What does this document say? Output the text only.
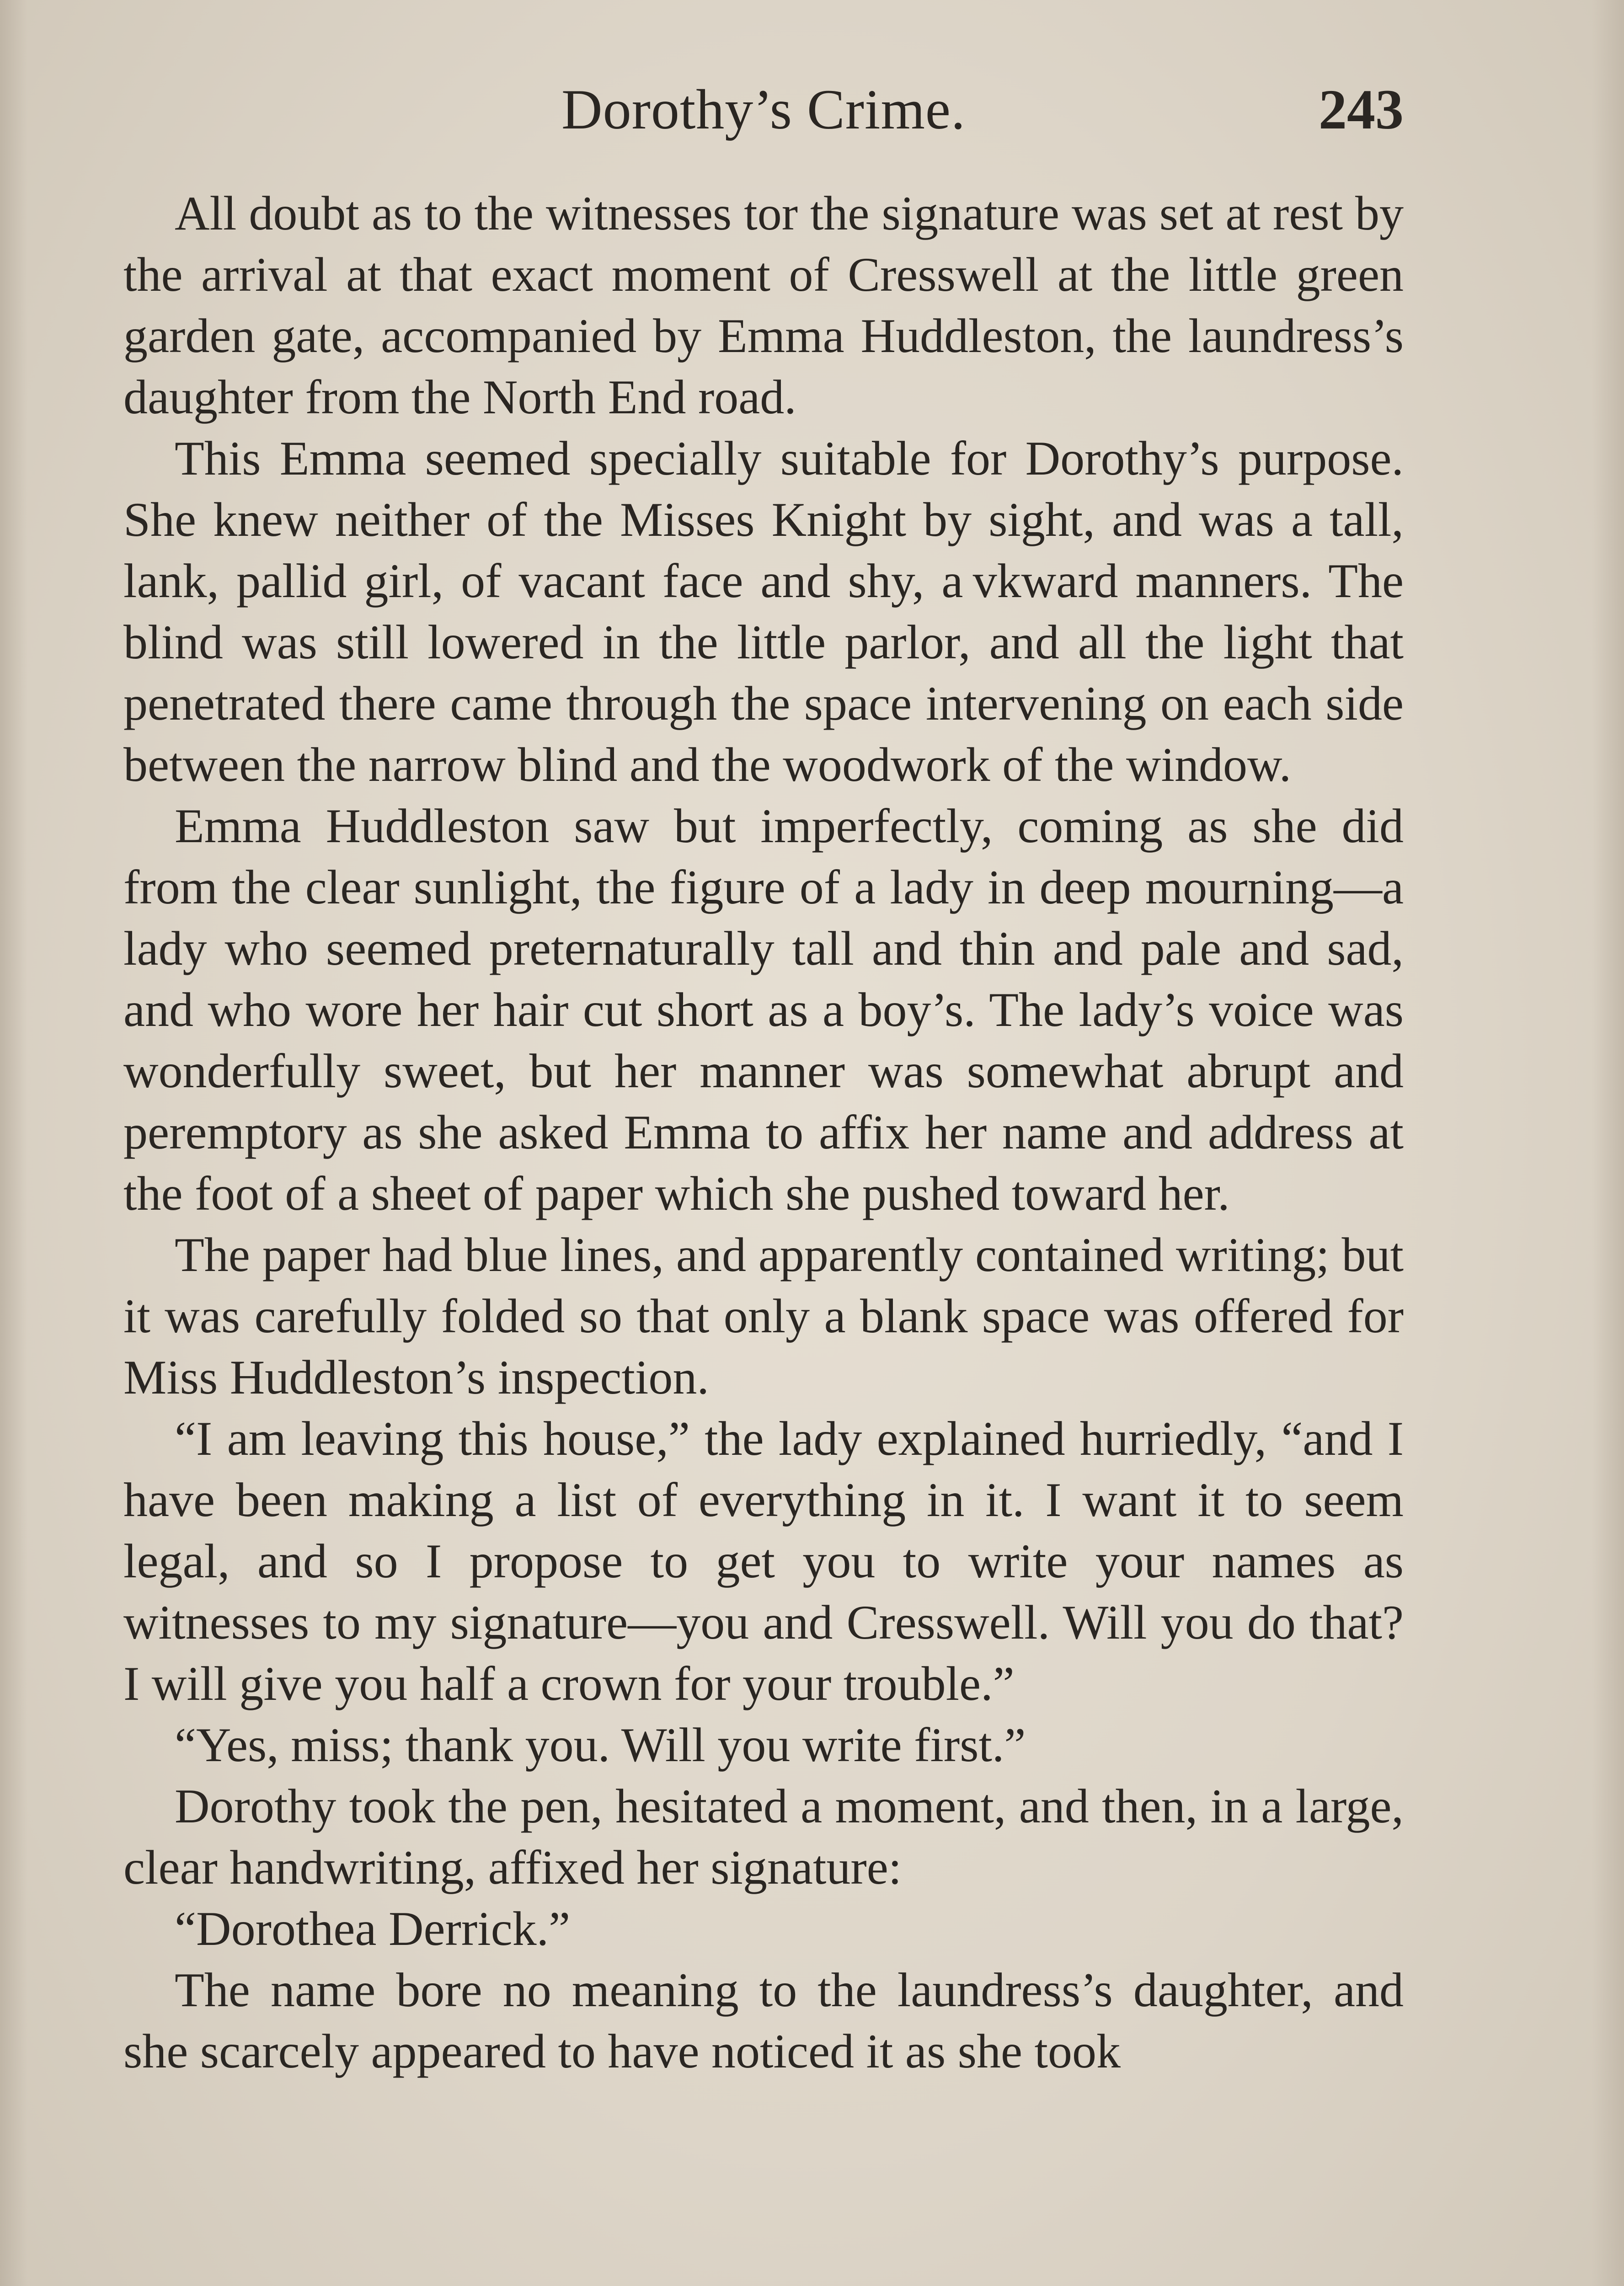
Dorothy’s Crime.	243

All doubt as to the witnesses tor the signature was set at rest by the arrival at that exact moment of Cresswell at the little green garden gate, accompanied by Emma Huddleston, the laundress’s daughter from the North End road.

This Emma seemed specially suitable for Dorothy’s purpose. She knew neither of the Misses Knight by sight, and was a tall, lank, pallid girl, of vacant face and shy, a vkward manners. The blind was still lowered in the little parlor, and all the light that penetrated there came through the space intervening on each side between the narrow blind and the woodwork of the window.

Emma Huddleston saw but imperfectly, coming as she did from the clear sunlight, the figure of a lady in deep mourning—a lady who seemed preternaturally tall and thin and pale and sad, and who wore her hair cut short as a boy’s. The lady’s voice was wonderfully sweet, but her manner was somewhat abrupt and peremptory as she asked Emma to affix her name and address at the foot of a sheet of paper which she pushed toward her.

The paper had blue lines, and apparently contained writing; but it was carefully folded so that only a blank space was offered for Miss Huddleston’s inspection.

“I am leaving this house,” the lady explained hurriedly, “and I have been making a list of everything in it. I want it to seem legal, and so I propose to get you to write your names as witnesses to my signature—you and Cresswell. Will you do that? I will give you half a crown for your trouble.”

“Yes, miss; thank you. Will you write first.”

Dorothy took the pen, hesitated a moment, and then, in a large, clear handwriting, affixed her signature:

“Dorothea Derrick.”

The name bore no meaning to the laundress’s daughter, and she scarcely appeared to have noticed it as she took
